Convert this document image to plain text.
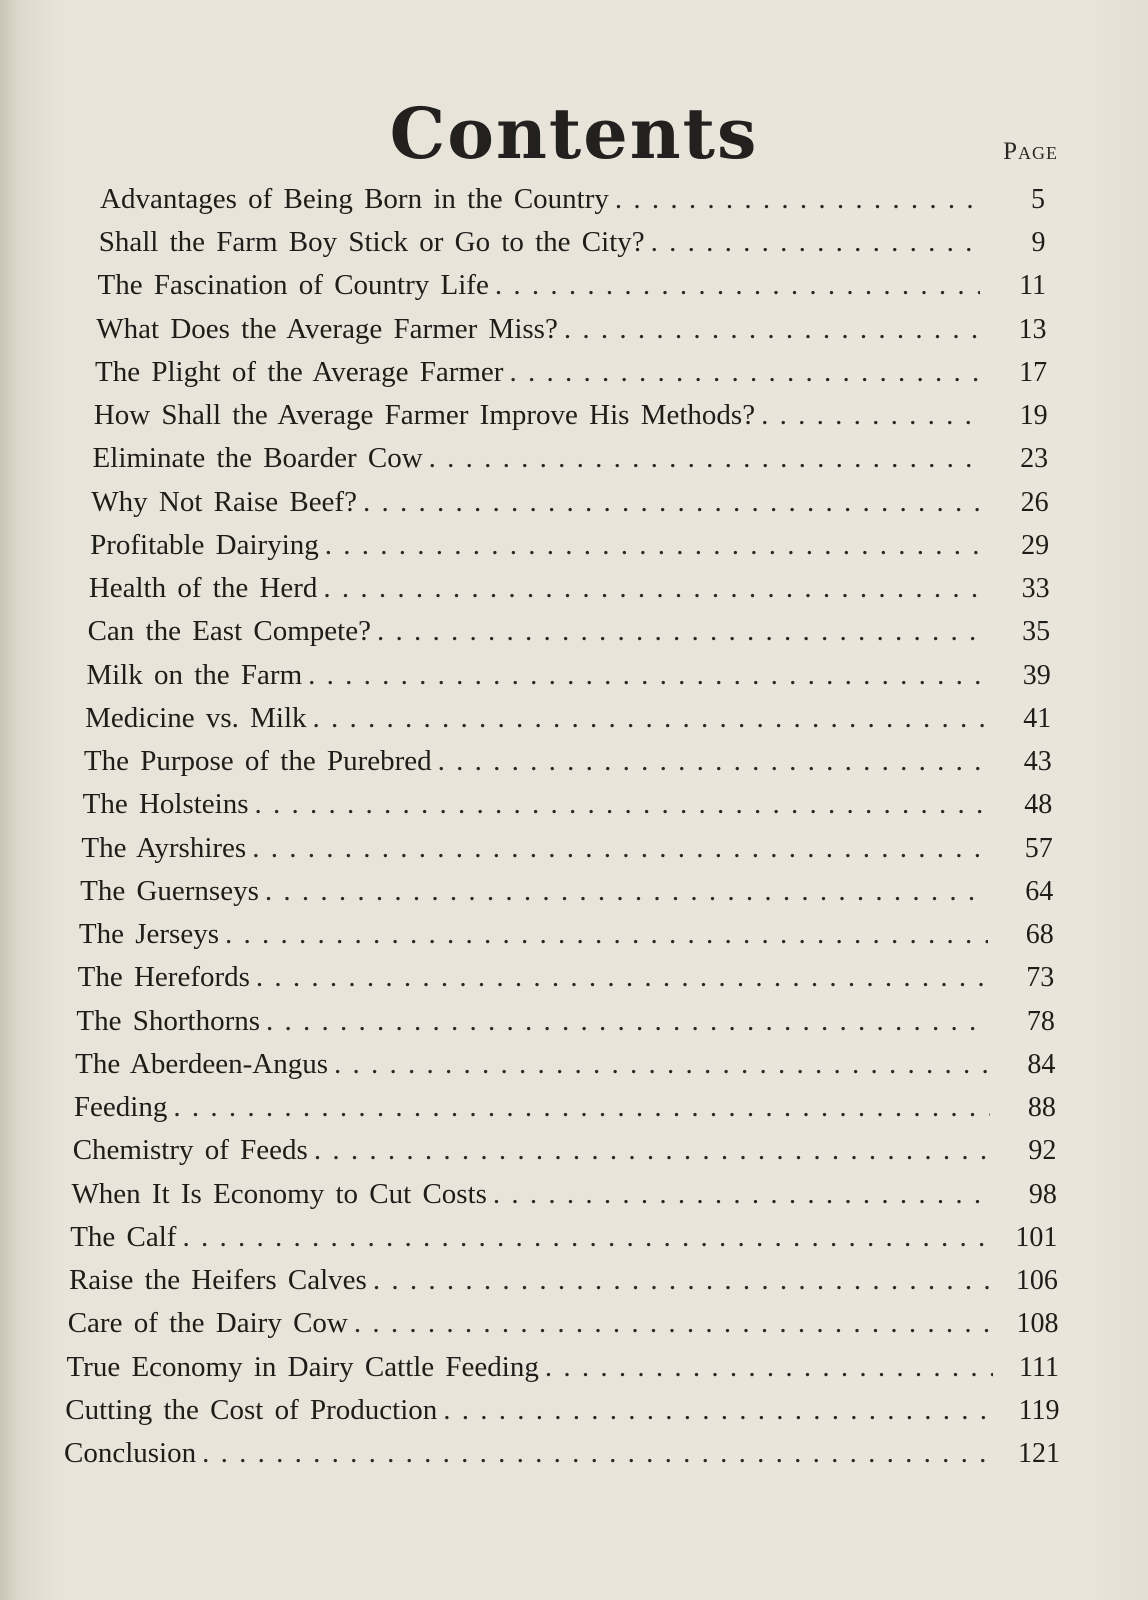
Contents	Page
Advantages of Being Born in the Country . . .	5
Shall the Farm Boy Stick or Go to the City? . . .	9
The Fascination of Country Life . . .	11
What Does the Average Farmer Miss? . . .	13
The Plight of the Average Farmer . . .	17
How Shall the Average Farmer Improve His Methods? . . .	19
Eliminate the Boarder Cow . . .	23
Why Not Raise Beef? . . .	26
Profitable Dairying . . .	29
Health of the Herd . . .	33
Can the East Compete? . . .	35
Milk on the Farm . . .	39
Medicine vs. Milk . . .	41
The Purpose of the Purebred . . .	43
The Holsteins . . .	48
The Ayrshires . . .	57
The Guernseys . . .	64
The Jerseys . . .	68
The Herefords . . .	73
The Shorthorns . . .	78
The Aberdeen-Angus . . .	84
Feeding . . .	88
Chemistry of Feeds . . .	92
When It Is Economy to Cut Costs . . .	98
The Calf . . .	101
Raise the Heifers Calves . . .	106
Care of the Dairy Cow . . .	108
True Economy in Dairy Cattle Feeding . . .	111
Cutting the Cost of Production . . .	119
Conclusion . . .	121
